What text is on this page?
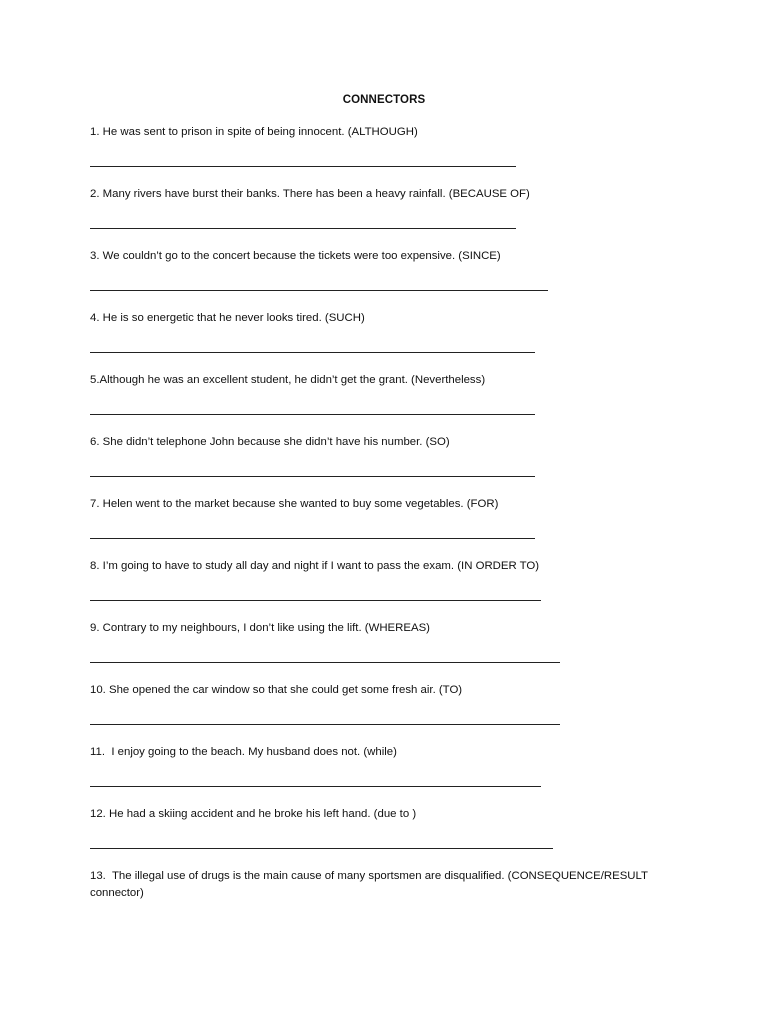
CONNECTORS
1. He was sent to prison in spite of being innocent. (ALTHOUGH)
2. Many rivers have burst their banks. There has been a heavy rainfall. (BECAUSE OF)
3. We couldn’t go to the concert because the tickets were too expensive. (SINCE)
4. He is so energetic that he never looks tired. (SUCH)
5.Although he was an excellent student, he didn’t get the grant. (Nevertheless)
6. She didn’t telephone John because she didn’t have his number. (SO)
7. Helen went to the market because she wanted to buy some vegetables. (FOR)
8. I’m going to have to study all day and night if I want to pass the exam. (IN ORDER TO)
9. Contrary to my neighbours, I don’t like using the lift. (WHEREAS)
10. She opened the car window so that she could get some fresh air. (TO)
11.  I enjoy going to the beach. My husband does not. (while)
12. He had a skiing accident and he broke his left hand. (due to )
13.  The illegal use of drugs is the main cause of many sportsmen are disqualified. (CONSEQUENCE/RESULT connector)
